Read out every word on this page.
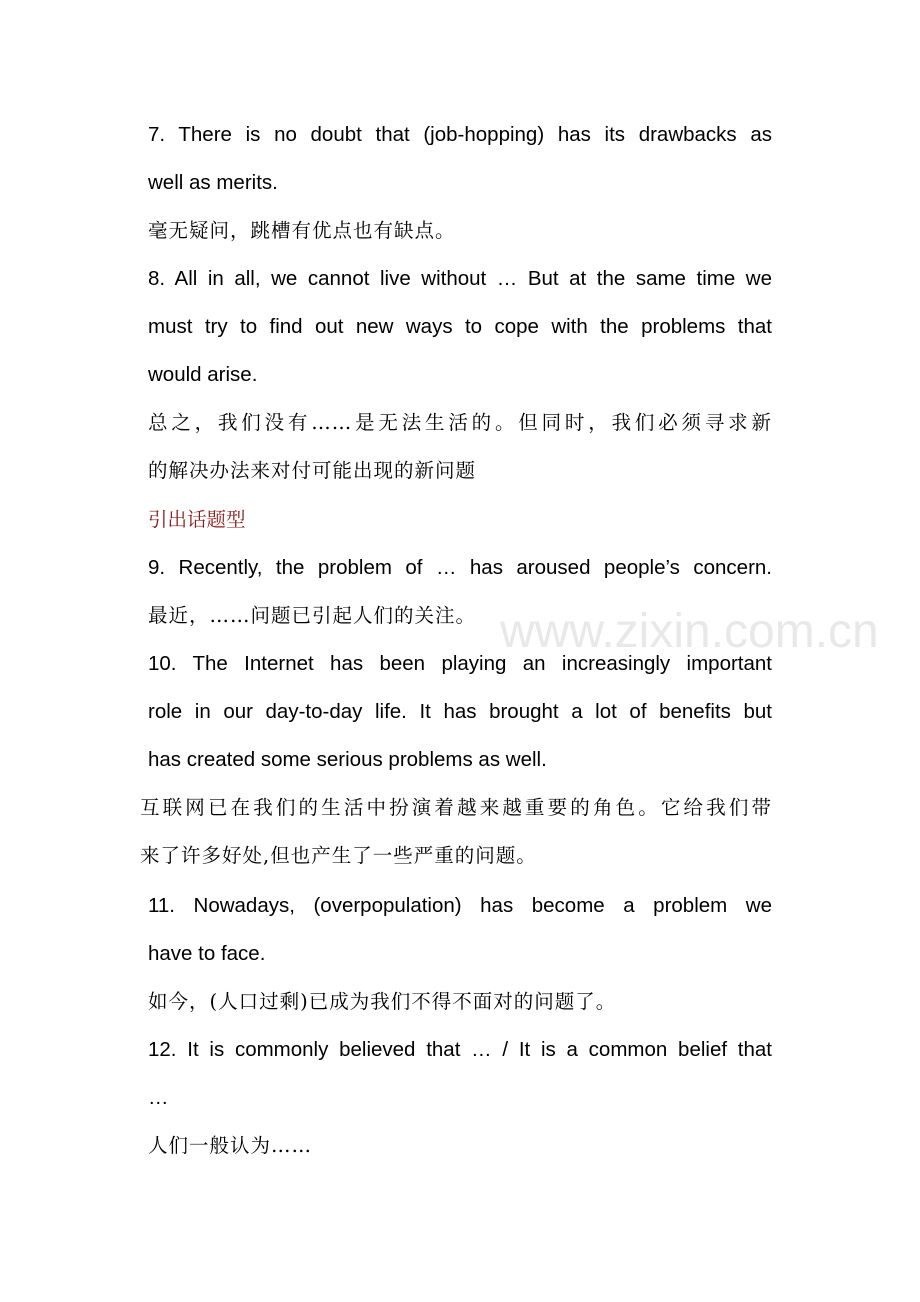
7. There is no doubt that (job-hopping) has its drawbacks as
well as merits.
毫无疑问，跳槽有优点也有缺点。
8. All in all, we cannot live without … But at the same time we
must try to find out new ways to cope with the problems that
would arise.
总之，我们没有……是无法生活的。但同时，我们必须寻求新
的解决办法来对付可能出现的新问题
引出话题型
9. Recently, the problem of … has aroused people’s concern.
最近，……问题已引起人们的关注。
10. The Internet has been playing an increasingly important
role in our day-to-day life. It has brought a lot of benefits but
has created some serious problems as well.
互联网已在我们的生活中扮演着越来越重要的角色。它给我们带
来了许多好处,但也产生了一些严重的问题。
11. Nowadays, (overpopulation) has become a problem we
have to face.
如今，(人口过剩)已成为我们不得不面对的问题了。
12. It is commonly believed that … / It is a common belief that
…
人们一般认为……
www.zixin.com.cn
